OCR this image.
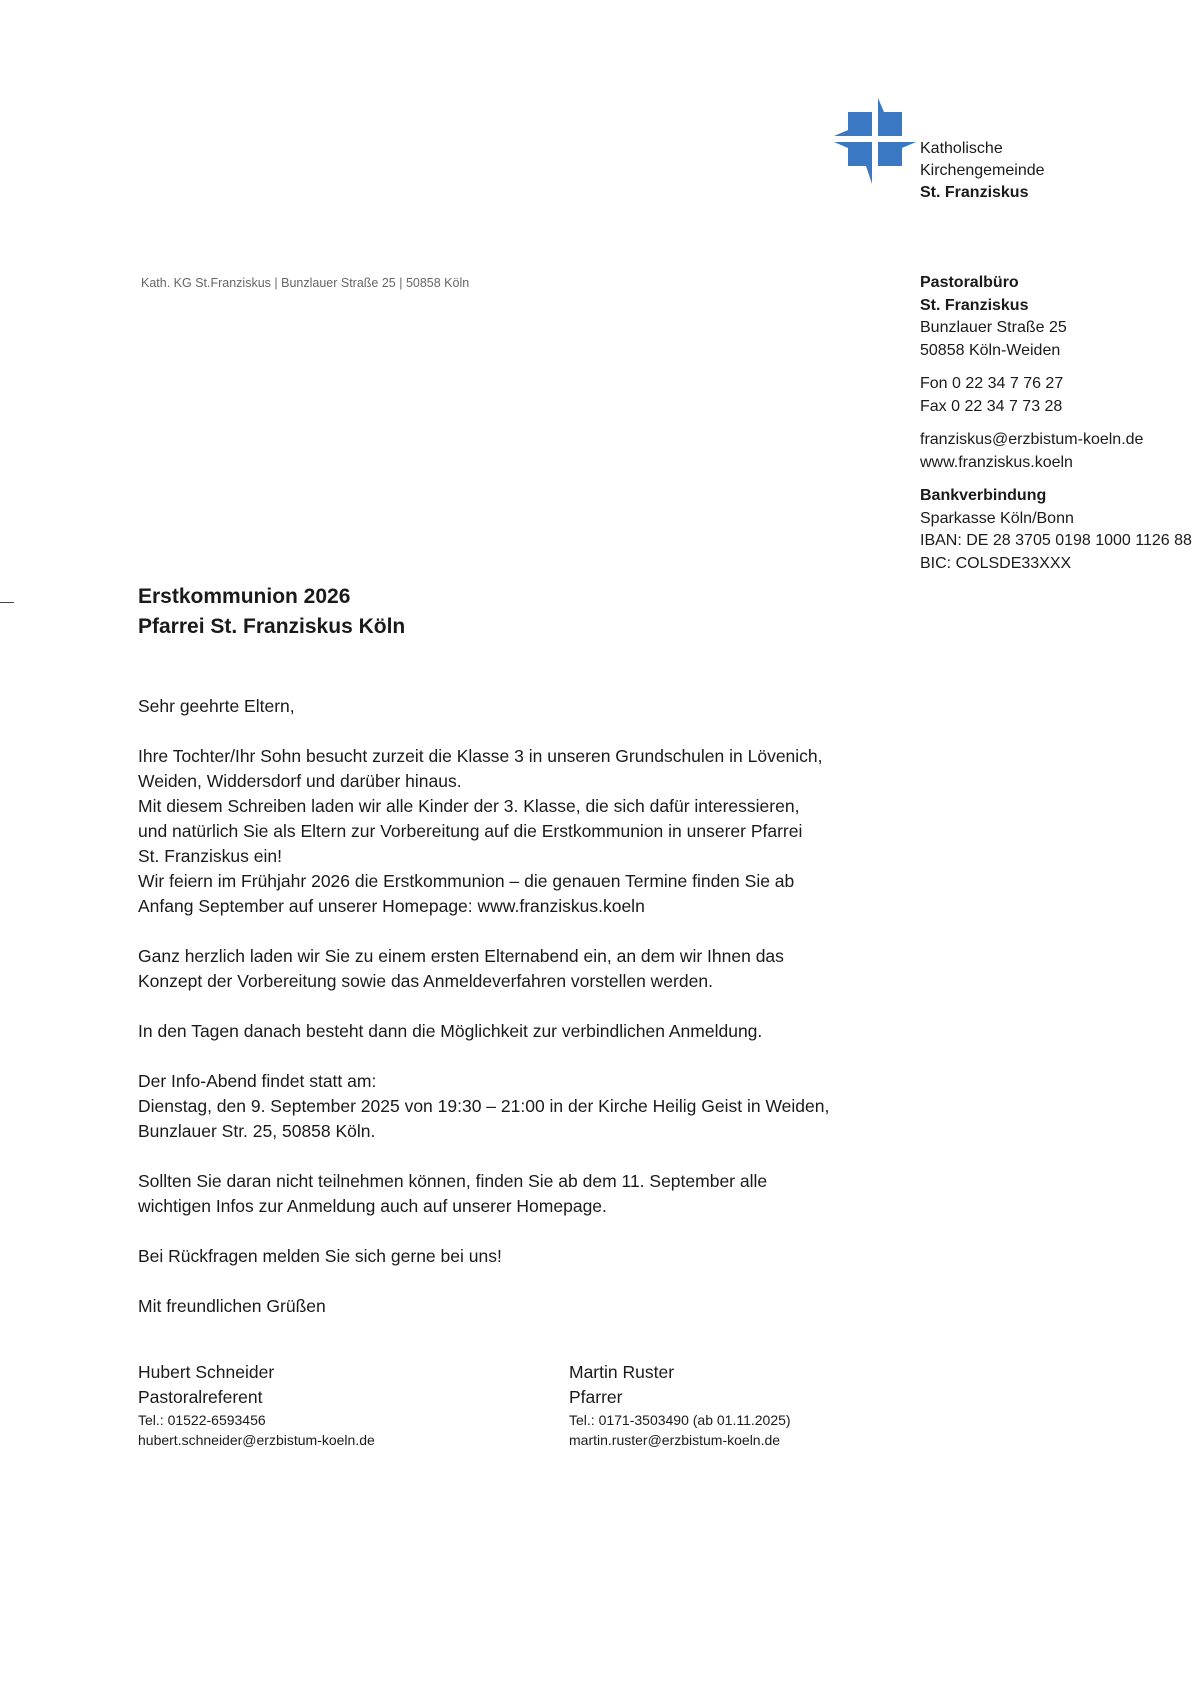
Katholische
Kirchengemeinde
St. Franziskus
Kath. KG St.Franziskus | Bunzlauer Straße 25 | 50858 Köln	Pastoralbüro
St. Franziskus
Bunzlauer Straße 25
50858 Köln-Weiden
Fon 0 22 34 7 76 27
Fax 0 22 34 7 73 28
franziskus@erzbistum-koeln.de
www.franziskus.koeln
Bankverbindung
Sparkasse Köln/Bonn
IBAN: DE 28 3705 0198 1000 1126 88
BIC: COLSDE33XXX
Erstkommunion 2026
Pfarrei St. Franziskus Köln

Sehr geehrte Eltern,

Ihre Tochter/Ihr Sohn besucht zurzeit die Klasse 3 in unseren Grundschulen in Lövenich,

Weiden, Widdersdorf und darüber hinaus.

Mit diesem Schreiben laden wir alle Kinder der 3. Klasse, die sich dafür interessieren,

und natürlich Sie als Eltern zur Vorbereitung auf die Erstkommunion in unserer Pfarrei

St. Franziskus ein!

Wir feiern im Frühjahr 2026 die Erstkommunion – die genauen Termine finden Sie ab

Anfang September auf unserer Homepage: www.franziskus.koeln

Ganz herzlich laden wir Sie zu einem ersten Elternabend ein, an dem wir Ihnen das

Konzept der Vorbereitung sowie das Anmeldeverfahren vorstellen werden.

In den Tagen danach besteht dann die Möglichkeit zur verbindlichen Anmeldung.

Der Info-Abend findet statt am:

Dienstag, den 9. September 2025 von 19:30 – 21:00 in der Kirche Heilig Geist in Weiden,

Bunzlauer Str. 25, 50858 Köln.

Sollten Sie daran nicht teilnehmen können, finden Sie ab dem 11. September alle

wichtigen Infos zur Anmeldung auch auf unserer Homepage.

Bei Rückfragen melden Sie sich gerne bei uns!

Mit freundlichen Grüßen

Hubert Schneider
Pastoralreferent
Tel.: 01522-6593456
hubert.schneider@erzbistum-koeln.de
Martin Ruster
Pfarrer
Tel.: 0171-3503490 (ab 01.11.2025)
martin.ruster@erzbistum-koeln.de
